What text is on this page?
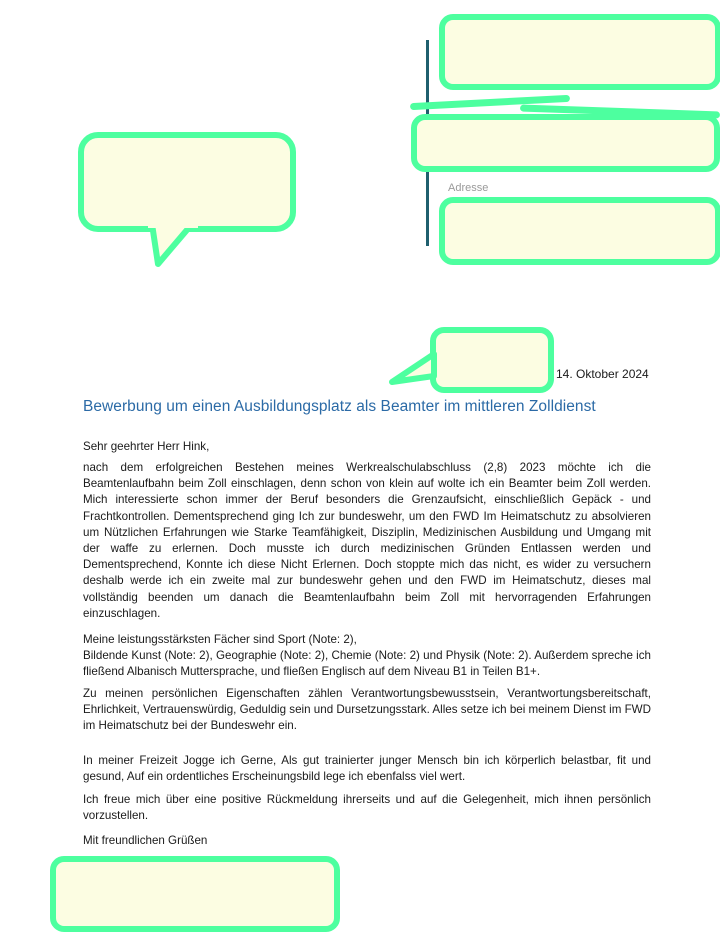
Adresse
14. Oktober 2024
Bewerbung um einen Ausbildungsplatz als Beamter im mittleren Zolldienst
Sehr geehrter Herr Hink,

nach dem erfolgreichen Bestehen meines Werkrealschulabschluss (2,8) 2023 möchte ich die Beamtenlaufbahn beim Zoll einschlagen, denn schon von klein auf wolte ich ein Beamter beim Zoll werden. Mich interessierte schon immer der Beruf besonders die Grenzaufsicht, einschließlich Gepäck - und Frachtkontrollen. Dementsprechend ging Ich zur bundeswehr, um den FWD Im Heimatschutz zu absolvieren um Nützlichen Erfahrungen wie Starke Teamfähigkeit, Disziplin, Medizinischen Ausbildung und Umgang mit der waffe zu erlernen. Doch musste ich durch medizinischen Gründen Entlassen werden und Dementsprechend, Konnte ich diese Nicht Erlernen. Doch stoppte mich das nicht, es wider zu versuchern deshalb werde ich ein zweite mal zur bundeswehr gehen und den FWD im Heimatschutz, dieses mal vollständig beenden um danach die Beamtenlaufbahn beim Zoll mit hervorragenden Erfahrungen einzuschlagen.

Meine leistungsstärksten Fächer sind Sport (Note: 2),

Bildende Kunst (Note: 2), Geographie (Note: 2), Chemie (Note: 2) und Physik (Note: 2). Außerdem spreche ich fließend Albanisch Muttersprache, und fließen Englisch auf dem Niveau B1 in Teilen B1+.

Zu meinen persönlichen Eigenschaften zählen Verantwortungsbewusstsein, Verantwortungsbereitschaft, Ehrlichkeit, Vertrauenswürdig, Geduldig sein und Dursetzungsstark. Alles setze ich bei meinem Dienst im FWD im Heimatschutz bei der Bundeswehr ein.

In meiner Freizeit Jogge ich Gerne, Als gut trainierter junger Mensch bin ich körperlich belastbar, fit und gesund, Auf ein ordentliches Erscheinungsbild lege ich ebenfalss viel wert.

Ich freue mich über eine positive Rückmeldung ihrerseits und auf die Gelegenheit, mich ihnen persönlich vorzustellen.

Mit freundlichen Grüßen
